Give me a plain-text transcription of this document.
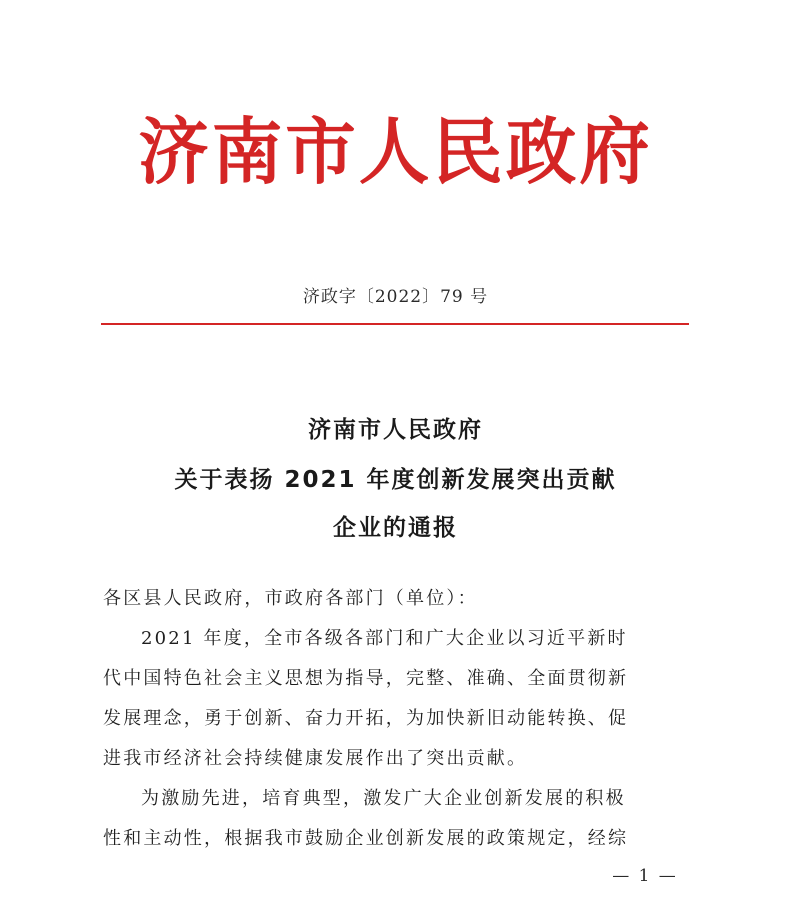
济南市人民政府
济政字〔2022〕79 号
济南市人民政府
关于表扬 2021 年度创新发展突出贡献
企业的通报
各区县人民政府，市政府各部门（单位）：
2021 年度，全市各级各部门和广大企业以习近平新时
代中国特色社会主义思想为指导，完整、准确、全面贯彻新
发展理念，勇于创新、奋力开拓，为加快新旧动能转换、促
进我市经济社会持续健康发展作出了突出贡献。
为激励先进，培育典型，激发广大企业创新发展的积极
性和主动性，根据我市鼓励企业创新发展的政策规定，经综
— 1 —
